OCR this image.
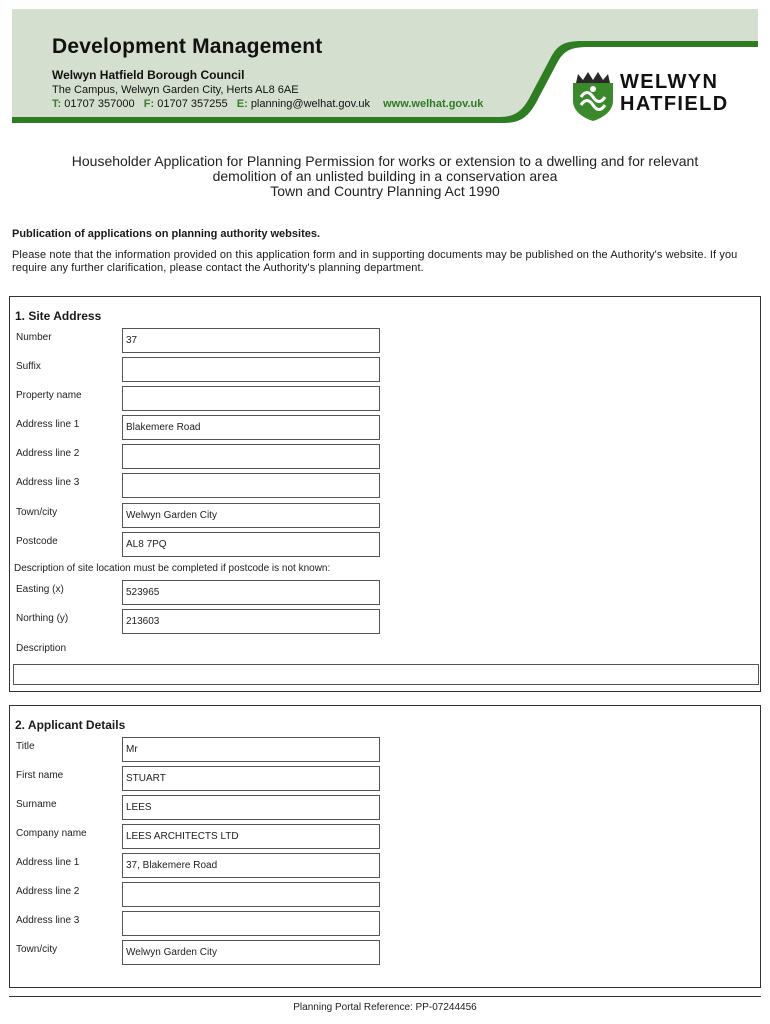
Development Management
Welwyn Hatfield Borough Council
The Campus, Welwyn Garden City, Herts AL8 6AE
T: 01707 357000 F: 01707 357255 E: planning@welhat.gov.uk www.welhat.gov.uk
WELWYN
HATFIELD
Householder Application for Planning Permission for works or extension to a dwelling and for relevant
demolition of an unlisted building in a conservation area
Town and Country Planning Act 1990
Publication of applications on planning authority websites.
Please note that the information provided on this application form and in supporting documents may be published on the Authority's website. If you require any further clarification, please contact the Authority's planning department.
1. Site Address
Number	37
Suffix
Property name
Address line 1	Blakemere Road
Address line 2
Address line 3
Town/city	Welwyn Garden City
Postcode	AL8 7PQ
Description of site location must be completed if postcode is not known:
Easting (x)	523965
Northing (y)	213603
Description
2. Applicant Details
Title	Mr
First name	STUART
Surname	LEES
Company name	LEES ARCHITECTS LTD
Address line 1	37, Blakemere Road
Address line 2
Address line 3
Town/city	Welwyn Garden City
Planning Portal Reference: PP-07244456
